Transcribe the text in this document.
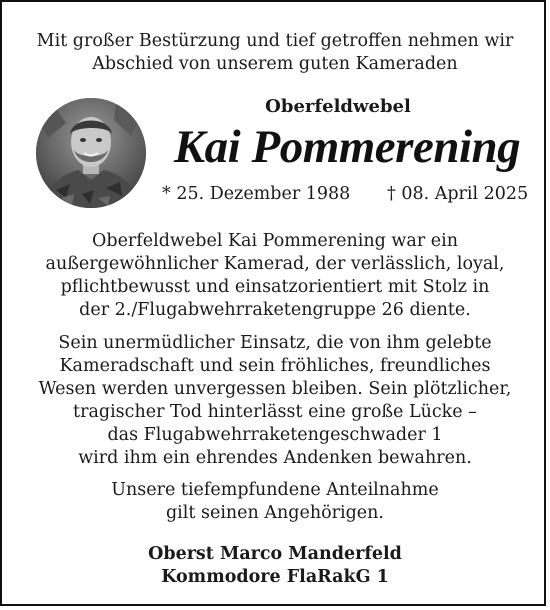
Mit großer Bestürzung und tief getroffen nehmen wir
Abschied von unserem guten Kameraden
Oberfeldwebel
Kai Pommerening
* 25. Dezember 1988 † 08. April 2025
Oberfeldwebel Kai Pommerening war ein
außergewöhnlicher Kamerad, der verlässlich, loyal,
pflichtbewusst und einsatzorientiert mit Stolz in
der 2./Flugabwehrraketengruppe 26 diente.
Sein unermüdlicher Einsatz, die von ihm gelebte
Kameradschaft und sein fröhliches, freundliches
Wesen werden unvergessen bleiben. Sein plötzlicher,
tragischer Tod hinterlässt eine große Lücke –
das Flugabwehrraketengeschwader 1
wird ihm ein ehrendes Andenken bewahren.
Unsere tiefempfundene Anteilnahme
gilt seinen Angehörigen.
Oberst Marco Manderfeld
Kommodore FlaRakG 1
